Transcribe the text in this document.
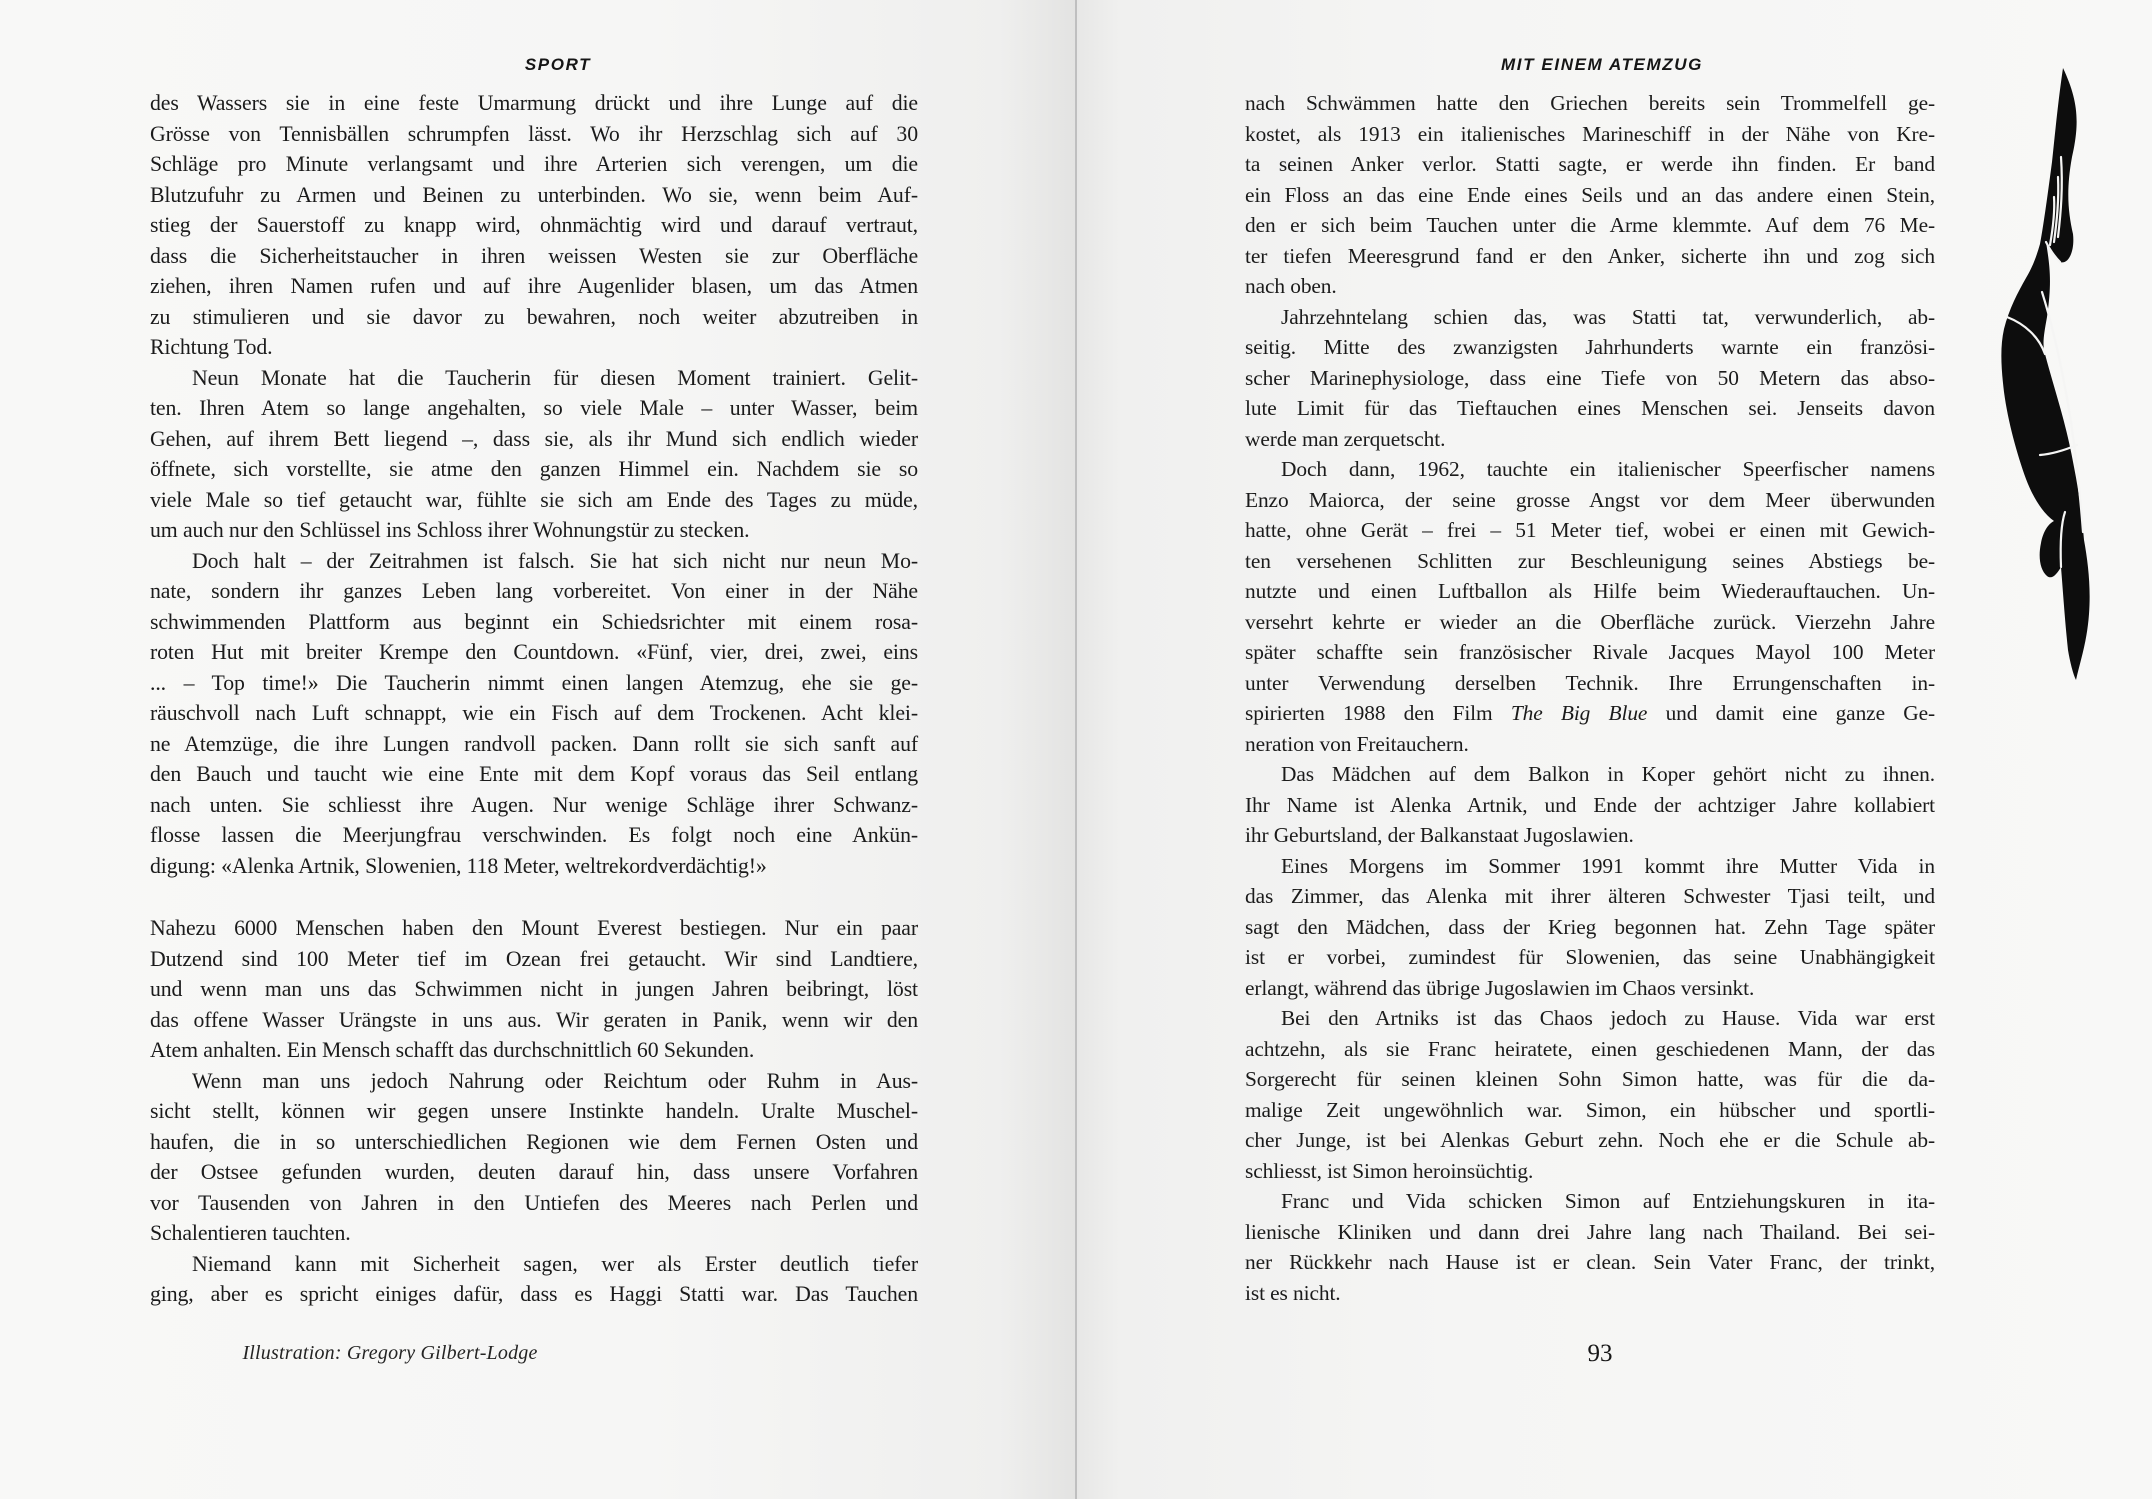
SPORT	MIT EINEM ATEMZUG
des Wassers sie in eine feste Umarmung drückt und ihre Lunge auf die
Grösse von Tennisbällen schrumpfen lässt. Wo ihr Herzschlag sich auf 30
Schläge pro Minute verlangsamt und ihre Arterien sich verengen, um die
Blutzufuhr zu Armen und Beinen zu unterbinden. Wo sie, wenn beim Auf-
stieg der Sauerstoff zu knapp wird, ohnmächtig wird und darauf vertraut,
dass die Sicherheitstaucher in ihren weissen Westen sie zur Oberfläche
ziehen, ihren Namen rufen und auf ihre Augenlider blasen, um das Atmen
zu stimulieren und sie davor zu bewahren, noch weiter abzutreiben in
Richtung Tod.
Neun Monate hat die Taucherin für diesen Moment trainiert. Gelit-
ten. Ihren Atem so lange angehalten, so viele Male – unter Wasser, beim
Gehen, auf ihrem Bett liegend –, dass sie, als ihr Mund sich endlich wieder
öffnete, sich vorstellte, sie atme den ganzen Himmel ein. Nachdem sie so
viele Male so tief getaucht war, fühlte sie sich am Ende des Tages zu müde,
um auch nur den Schlüssel ins Schloss ihrer Wohnungstür zu stecken.
Doch halt – der Zeitrahmen ist falsch. Sie hat sich nicht nur neun Mo-
nate, sondern ihr ganzes Leben lang vorbereitet. Von einer in der Nähe
schwimmenden Plattform aus beginnt ein Schiedsrichter mit einem rosa-
roten Hut mit breiter Krempe den Countdown. «Fünf, vier, drei, zwei, eins
... – Top time!» Die Taucherin nimmt einen langen Atemzug, ehe sie ge-
räuschvoll nach Luft schnappt, wie ein Fisch auf dem Trockenen. Acht klei-
ne Atemzüge, die ihre Lungen randvoll packen. Dann rollt sie sich sanft auf
den Bauch und taucht wie eine Ente mit dem Kopf voraus das Seil entlang
nach unten. Sie schliesst ihre Augen. Nur wenige Schläge ihrer Schwanz-
flosse lassen die Meerjungfrau verschwinden. Es folgt noch eine Ankün-
digung: «Alenka Artnik, Slowenien, 118 Meter, weltrekordverdächtig!»
Nahezu 6000 Menschen haben den Mount Everest bestiegen. Nur ein paar
Dutzend sind 100 Meter tief im Ozean frei getaucht. Wir sind Landtiere,
und wenn man uns das Schwimmen nicht in jungen Jahren beibringt, löst
das offene Wasser Urängste in uns aus. Wir geraten in Panik, wenn wir den
Atem anhalten. Ein Mensch schafft das durchschnittlich 60 Sekunden.
Wenn man uns jedoch Nahrung oder Reichtum oder Ruhm in Aus-
sicht stellt, können wir gegen unsere Instinkte handeln. Uralte Muschel-
haufen, die in so unterschiedlichen Regionen wie dem Fernen Osten und
der Ostsee gefunden wurden, deuten darauf hin, dass unsere Vorfahren
vor Tausenden von Jahren in den Untiefen des Meeres nach Perlen und
Schalentieren tauchten.
Niemand kann mit Sicherheit sagen, wer als Erster deutlich tiefer
ging, aber es spricht einiges dafür, dass es Haggi Statti war. Das Tauchen
nach Schwämmen hatte den Griechen bereits sein Trommelfell ge-
kostet, als 1913 ein italienisches Marineschiff in der Nähe von Kre-
ta seinen Anker verlor. Statti sagte, er werde ihn finden. Er band
ein Floss an das eine Ende eines Seils und an das andere einen Stein,
den er sich beim Tauchen unter die Arme klemmte. Auf dem 76 Me-
ter tiefen Meeresgrund fand er den Anker, sicherte ihn und zog sich
nach oben.
Jahrzehntelang schien das, was Statti tat, verwunderlich, ab-
seitig. Mitte des zwanzigsten Jahrhunderts warnte ein französi-
scher Marinephysiologe, dass eine Tiefe von 50 Metern das abso-
lute Limit für das Tieftauchen eines Menschen sei. Jenseits davon
werde man zerquetscht.
Doch dann, 1962, tauchte ein italienischer Speerfischer namens
Enzo Maiorca, der seine grosse Angst vor dem Meer überwunden
hatte, ohne Gerät – frei – 51 Meter tief, wobei er einen mit Gewich-
ten versehenen Schlitten zur Beschleunigung seines Abstiegs be-
nutzte und einen Luftballon als Hilfe beim Wiederauftauchen. Un-
versehrt kehrte er wieder an die Oberfläche zurück. Vierzehn Jahre
später schaffte sein französischer Rivale Jacques Mayol 100 Meter
unter Verwendung derselben Technik. Ihre Errungenschaften in-
spirierten 1988 den Film The Big Blue und damit eine ganze Ge-
neration von Freitauchern.
Das Mädchen auf dem Balkon in Koper gehört nicht zu ihnen.
Ihr Name ist Alenka Artnik, und Ende der achtziger Jahre kollabiert
ihr Geburtsland, der Balkanstaat Jugoslawien.
Eines Morgens im Sommer 1991 kommt ihre Mutter Vida in
das Zimmer, das Alenka mit ihrer älteren Schwester Tjasi teilt, und
sagt den Mädchen, dass der Krieg begonnen hat. Zehn Tage später
ist er vorbei, zumindest für Slowenien, das seine Unabhängigkeit
erlangt, während das übrige Jugoslawien im Chaos versinkt.
Bei den Artniks ist das Chaos jedoch zu Hause. Vida war erst
achtzehn, als sie Franc heiratete, einen geschiedenen Mann, der das
Sorgerecht für seinen kleinen Sohn Simon hatte, was für die da-
malige Zeit ungewöhnlich war. Simon, ein hübscher und sportli-
cher Junge, ist bei Alenkas Geburt zehn. Noch ehe er die Schule ab-
schliesst, ist Simon heroinsüchtig.
Franc und Vida schicken Simon auf Entziehungskuren in ita-
lienische Kliniken und dann drei Jahre lang nach Thailand. Bei sei-
ner Rückkehr nach Hause ist er clean. Sein Vater Franc, der trinkt,
ist es nicht.
Illustration: Gregory Gilbert-Lodge	93
